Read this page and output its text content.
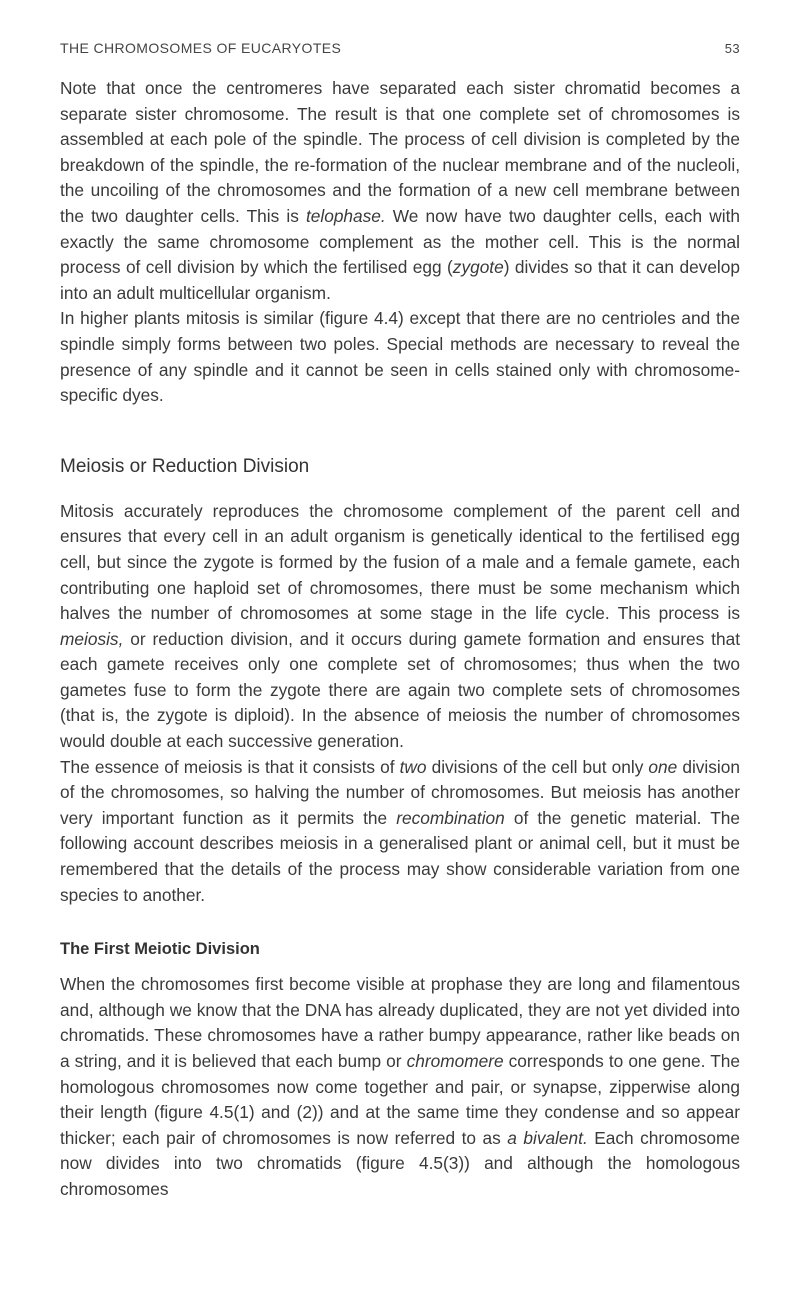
THE CHROMOSOMES OF EUCARYOTES	53

Note that once the centromeres have separated each sister chromatid becomes a separate sister chromosome. The result is that one complete set of chromosomes is assembled at each pole of the spindle. The process of cell division is completed by the breakdown of the spindle, the re-formation of the nuclear membrane and of the nucleoli, the uncoiling of the chromosomes and the formation of a new cell membrane between the two daughter cells. This is telophase. We now have two daughter cells, each with exactly the same chromosome complement as the mother cell. This is the normal process of cell division by which the fertilised egg (zygote) divides so that it can develop into an adult multicellular organism.

In higher plants mitosis is similar (figure 4.4) except that there are no centrioles and the spindle simply forms between two poles. Special methods are necessary to reveal the presence of any spindle and it cannot be seen in cells stained only with chromosome-specific dyes.

Meiosis or Reduction Division

Mitosis accurately reproduces the chromosome complement of the parent cell and ensures that every cell in an adult organism is genetically identical to the fertilised egg cell, but since the zygote is formed by the fusion of a male and a female gamete, each contributing one haploid set of chromosomes, there must be some mechanism which halves the number of chromosomes at some stage in the life cycle. This process is meiosis, or reduction division, and it occurs during gamete formation and ensures that each gamete receives only one complete set of chromosomes; thus when the two gametes fuse to form the zygote there are again two complete sets of chromosomes (that is, the zygote is diploid). In the absence of meiosis the number of chromosomes would double at each successive generation.

The essence of meiosis is that it consists of two divisions of the cell but only one division of the chromosomes, so halving the number of chromosomes. But meiosis has another very important function as it permits the recombination of the genetic material. The following account describes meiosis in a generalised plant or animal cell, but it must be remembered that the details of the process may show considerable variation from one species to another.

The First Meiotic Division

When the chromosomes first become visible at prophase they are long and filamentous and, although we know that the DNA has already duplicated, they are not yet divided into chromatids. These chromosomes have a rather bumpy appearance, rather like beads on a string, and it is believed that each bump or chromomere corresponds to one gene. The homologous chromosomes now come together and pair, or synapse, zipperwise along their length (figure 4.5(1) and (2)) and at the same time they condense and so appear thicker; each pair of chromosomes is now referred to as a bivalent. Each chromosome now divides into two chromatids (figure 4.5(3)) and although the homologous chromosomes
